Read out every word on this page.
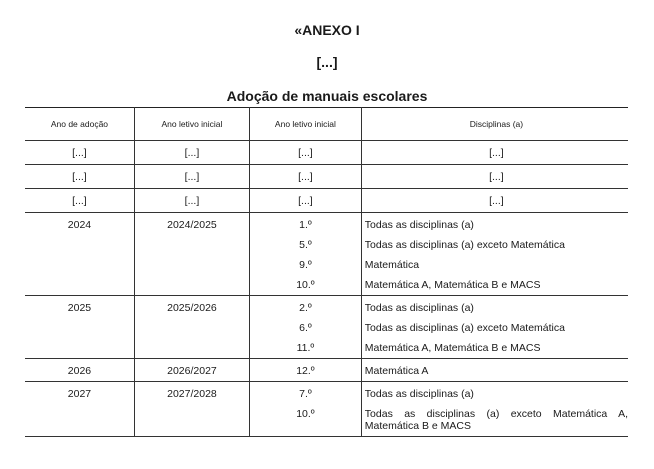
«ANEXO I
[...]
Adoção de manuais escolares
Ano de adoção	Ano letivo inicial	Ano letivo inicial	Disciplinas (a)
[...]	[...]	[...]	[...]
[...]	[...]	[...]	[...]
[...]	[...]	[...]	[...]
2024	2024/2025	1.º	Todas as disciplinas (a)
		5.º	Todas as disciplinas (a) exceto Matemática
		9.º	Matemática
		10.º	Matemática A, Matemática B e MACS
2025	2025/2026	2.º	Todas as disciplinas (a)
		6.º	Todas as disciplinas (a) exceto Matemática
		11.º	Matemática A, Matemática B e MACS
2026	2026/2027	12.º	Matemática A
2027	2027/2028	7.º	Todas as disciplinas (a)
		10.º	Todas as disciplinas (a) exceto Matemática A, Matemática B e MACS
